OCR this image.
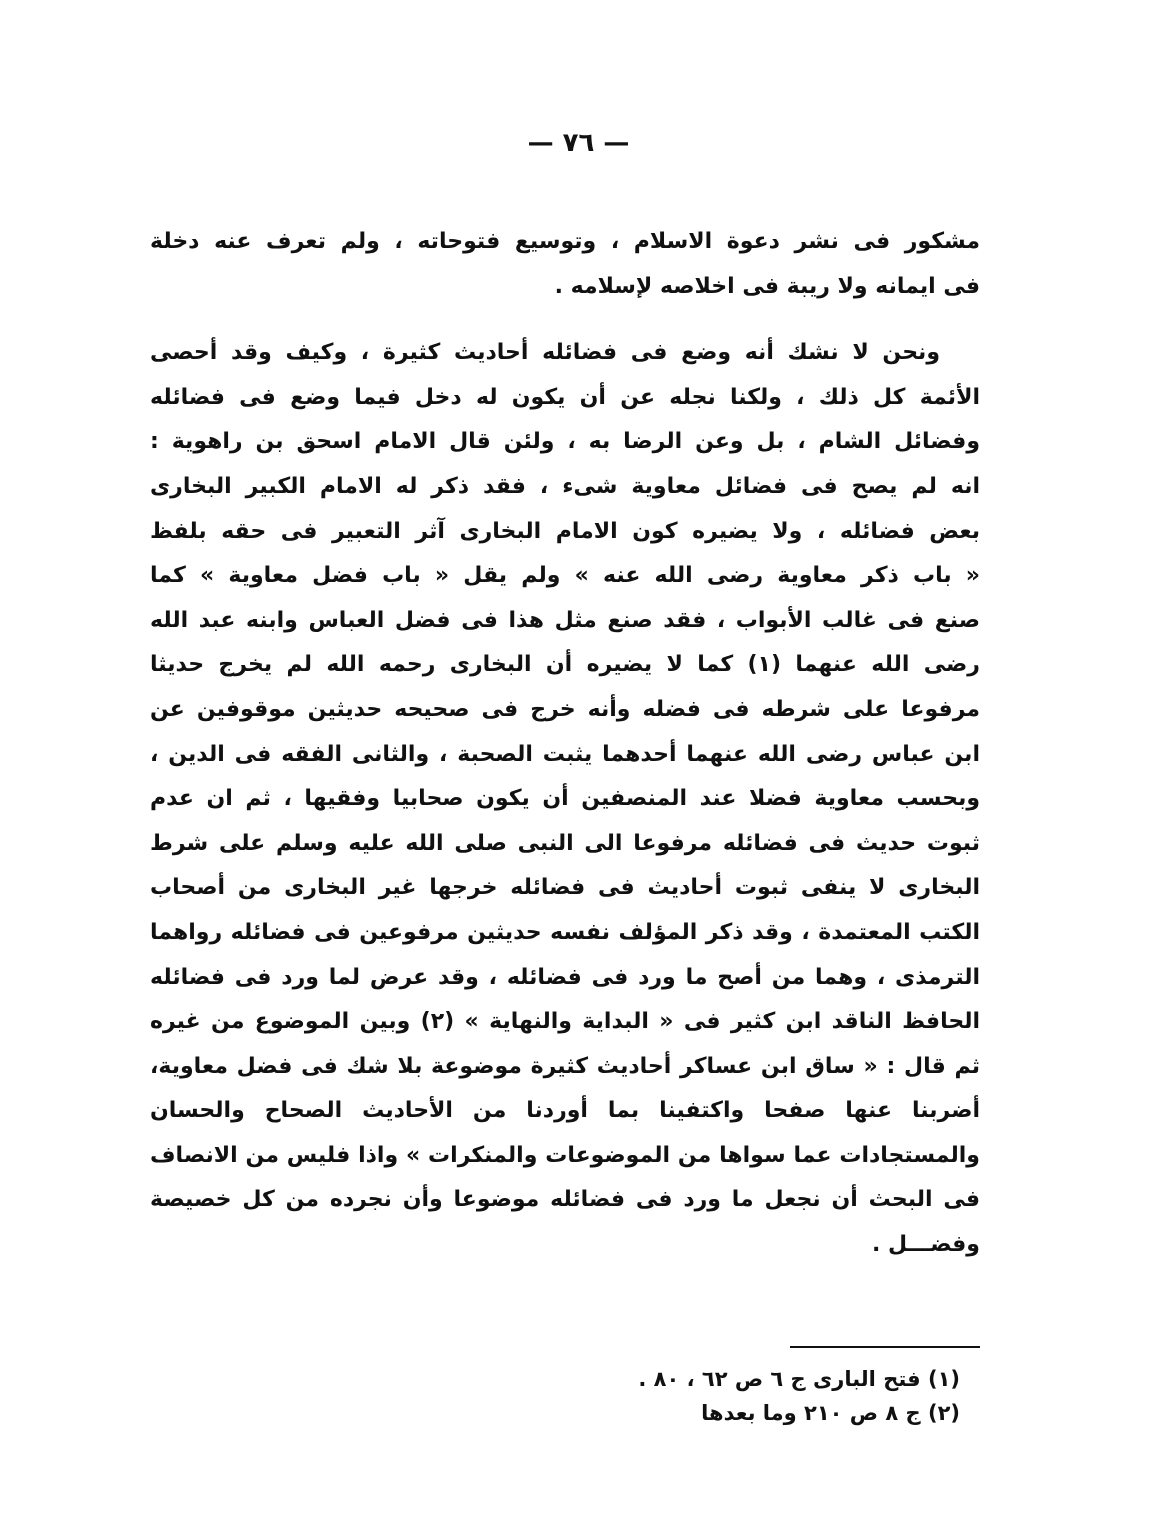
— ٧٦ —
مشكور فى نشر دعوة الاسلام ، وتوسيع فتوحاته ، ولم تعرف عنه دخلة
فى ايمانه ولا ريبة فى اخلاصه لإسلامه .
ونحن لا نشك أنه وضع فى فضائله أحاديث كثيرة ، وكيف وقد أحصى
الأئمة كل ذلك ، ولكنا نجله عن أن يكون له دخل فيما وضع فى فضائله
وفضائل الشام ، بل وعن الرضا به ، ولئن قال الامام اسحق بن راهوية :
انه لم يصح فى فضائل معاوية شىء ، فقد ذكر له الامام الكبير البخارى
بعض فضائله ، ولا يضيره كون الامام البخارى آثر التعبير فى حقه بلفظ
« باب ذكر معاوية رضى الله عنه » ولم يقل « باب فضل معاوية » كما
صنع فى غالب الأبواب ، فقد صنع مثل هذا فى فضل العباس وابنه عبد الله
رضى الله عنهما (١) كما لا يضيره أن البخارى رحمه الله لم يخرج حديثا
مرفوعا على شرطه فى فضله وأنه خرج فى صحيحه حديثين موقوفين عن
ابن عباس رضى الله عنهما أحدهما يثبت الصحبة ، والثانى الفقه فى الدين ،
وبحسب معاوية فضلا عند المنصفين أن يكون صحابيا وفقيها ، ثم ان عدم
ثبوت حديث فى فضائله مرفوعا الى النبى صلى الله عليه وسلم على شرط
البخارى لا ينفى ثبوت أحاديث فى فضائله خرجها غير البخارى من أصحاب
الكتب المعتمدة ، وقد ذكر المؤلف نفسه حديثين مرفوعين فى فضائله رواهما
الترمذى ، وهما من أصح ما ورد فى فضائله ، وقد عرض لما ورد فى فضائله
الحافظ الناقد ابن كثير فى « البداية والنهاية » (٢) وبين الموضوع من غيره
ثم قال : « ساق ابن عساكر أحاديث كثيرة موضوعة بلا شك فى فضل معاوية،
أضربنا عنها صفحا واكتفينا بما أوردنا من الأحاديث الصحاح والحسان
والمستجادات عما سواها من الموضوعات والمنكرات » واذا فليس من الانصاف
فى البحث أن نجعل ما ورد فى فضائله موضوعا وأن نجرده من كل خصيصة
وفضـــل .
(١) فتح البارى ج ٦ ص ٦٢ ، ٨٠ .
(٢) ج ٨ ص ٢١٠ وما بعدها
